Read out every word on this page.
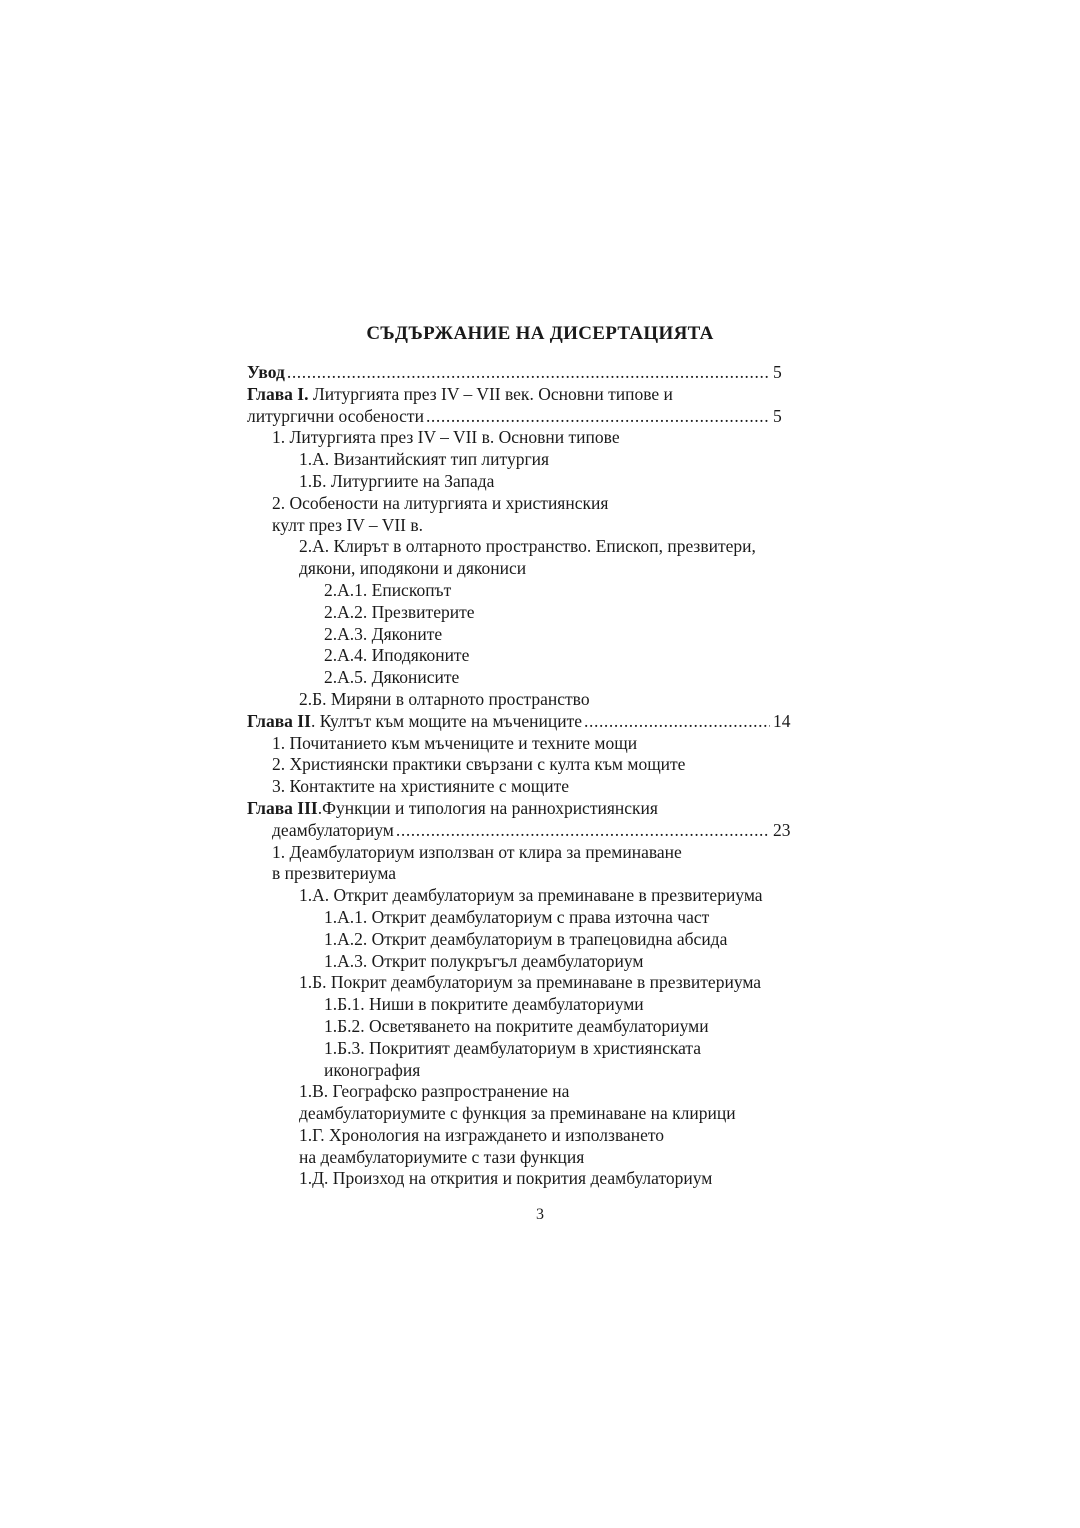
СЪДЪРЖАНИЕ НА ДИСЕРТАЦИЯТА
Увод .....	5
Глава I. Литургията през IV – VII век. Основни типове и
литургични особености .....	5
1. Литургията през IV – VII в. Основни типове
1.А. Византийският тип литургия
1.Б. Литургиите на Запада
2. Особености на литургията и християнския
култ през IV – VII в.
2.А. Клирът в олтарното пространство. Епископ, презвитери,
дякони, иподякони и дякониси
2.А.1. Епископът
2.А.2. Презвитерите
2.А.3. Дяконите
2.А.4. Иподяконите
2.А.5. Дяконисите
2.Б. Миряни в олтарното пространство
Глава II. Култът към мощите на мъчениците .....	14
1. Почитанието към мъчениците и техните мощи
2. Християнски практики свързани с култа към мощите
3. Контактите на християните с мощите
Глава III.Функции и типология на раннохристиянския
деамбулаториум .....	23
1. Деамбулаториум използван от клира за преминаване
в презвитериума
1.А. Открит деамбулаториум за преминаване в презвитериума
1.А.1. Открит деамбулаториум с права източна част
1.А.2. Открит деамбулаториум в трапецовидна абсида
1.А.3. Открит полукръгъл деамбулаториум
1.Б. Покрит деамбулаториум за преминаване в презвитериума
1.Б.1. Ниши в покритите деамбулаториуми
1.Б.2. Осветяването на покритите деамбулаториуми
1.Б.3. Покритият деамбулаториум в християнската
иконография
1.В. Географско разпространение на
деамбулаториумите с функция за преминаване на клирици
1.Г. Хронология на изграждането и използването
на деамбулаториумите с тази функция
1.Д. Произход на открития и покрития деамбулаториум
3
